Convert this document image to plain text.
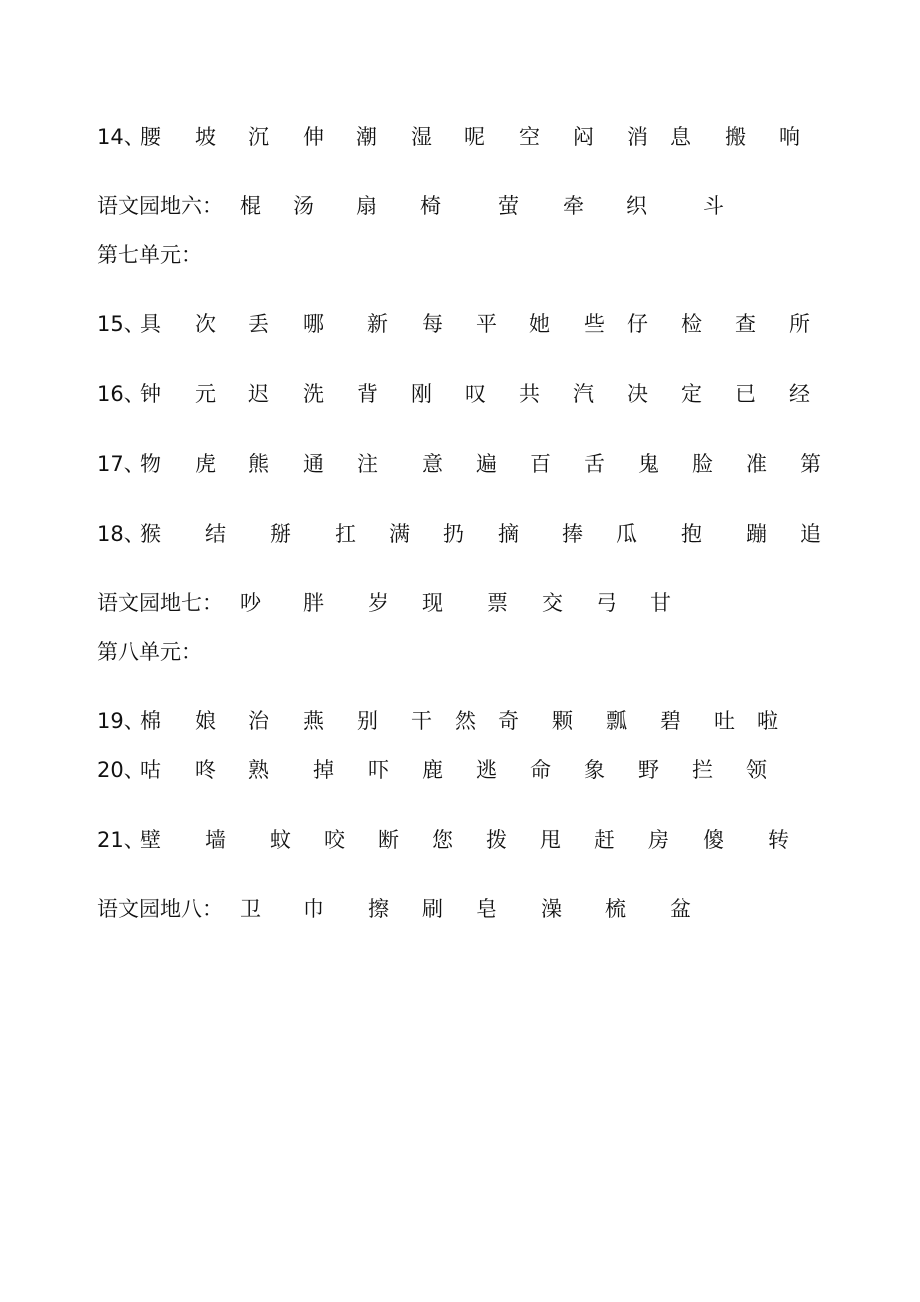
14、
腰 坡 沉 伸 潮 湿 呢 空 闷 消 息 搬 响
语文园地六： 棍 汤 扇 椅	萤 牵 织	斗
第七单元：
15、
具 次 丢 哪 新 每 平 她 些 仔 检 查 所
16、
钟 元 迟 洗 背 刚 叹 共 汽 决 定 已 经
17、
物 虎 熊 通 注 意 遍 百 舌 鬼 脸 准 第
18、
猴 结 掰 扛 满 扔 摘 捧 瓜 抱 蹦 追
语文园地七： 吵 胖 岁 现 票 交 弓 甘
第八单元：
19、
棉 娘 治 燕 别 干 然 奇 颗 瓢 碧 吐 啦
20、
咕 咚 熟 掉 吓 鹿 逃 命 象 野 拦 领
21、
壁 墙 蚊 咬 断 您 拨 甩 赶 房 傻 转
语文园地八： 卫 巾 擦 刷 皂 澡 梳 盆
